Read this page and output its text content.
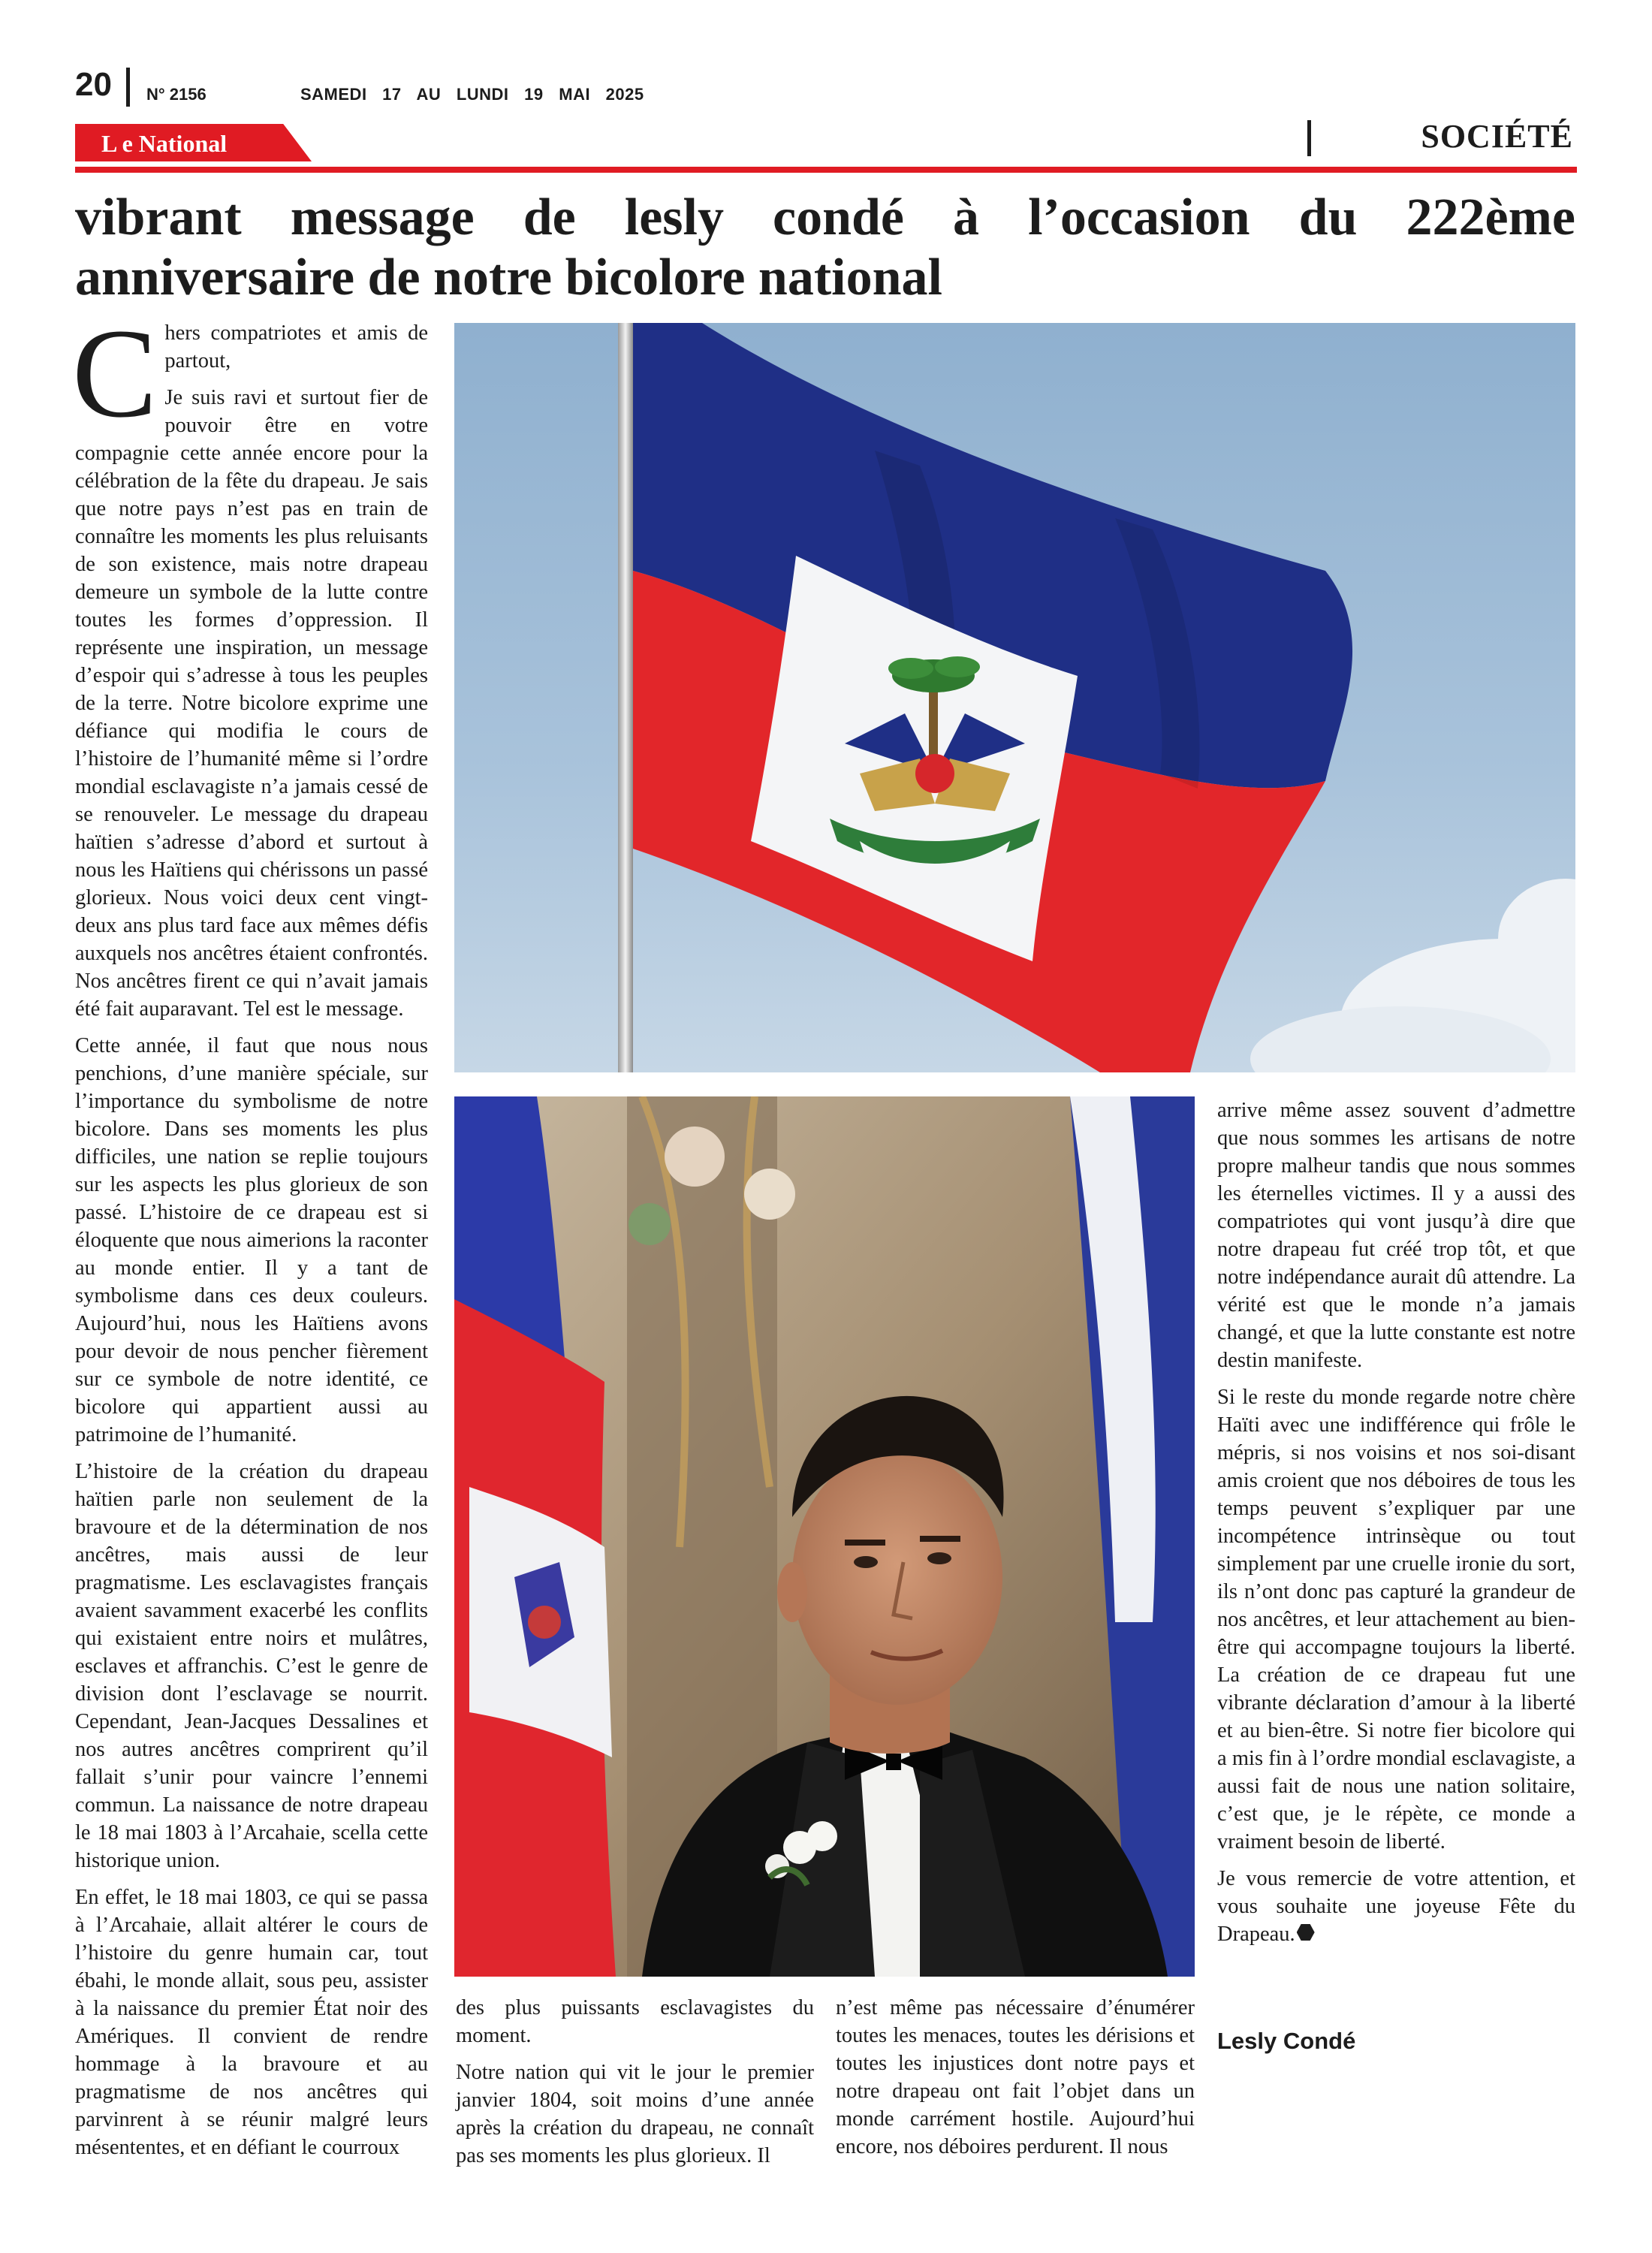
20 N° 2156	SAMEDI 17 AU LUNDI 19 MAI 2025
L e National	SOCIÉTÉ
vibrant message de lesly condé à l’occasion du 222ème anniversaire de notre bicolore national

Chers compatriotes et amis de partout,

Je suis ravi et surtout fier de pouvoir être en votre compagnie cette année encore pour la célébration de la fête du drapeau. Je sais que notre pays n’est pas en train de connaître les moments les plus reluisants de son existence, mais notre drapeau demeure un symbole de la lutte contre toutes les formes d’oppression. Il représente une inspiration, un message d’espoir qui s’adresse à tous les peuples de la terre. Notre bicolore exprime une défiance qui modifia le cours de l’histoire de l’humanité même si l’ordre mondial esclavagiste n’a jamais cessé de se renouveler. Le message du drapeau haïtien s’adresse d’abord et surtout à nous les Haïtiens qui chérissons un passé glorieux. Nous voici deux cent vingt-deux ans plus tard face aux mêmes défis auxquels nos ancêtres étaient confrontés. Nos ancêtres firent ce qui n’avait jamais été fait auparavant. Tel est le message.

Cette année, il faut que nous nous penchions, d’une manière spéciale, sur l’importance du symbolisme de notre bicolore. Dans ses moments les plus difficiles, une nation se replie toujours sur les aspects les plus glorieux de son passé. L’histoire de ce drapeau est si éloquente que nous aimerions la raconter au monde entier. Il y a tant de symbolisme dans ces deux couleurs. Aujourd’hui, nous les Haïtiens avons pour devoir de nous pencher fièrement sur ce symbole de notre identité, ce bicolore qui appartient aussi au patrimoine de l’humanité.

L’histoire de la création du drapeau haïtien parle non seulement de la bravoure et de la détermination de nos ancêtres, mais aussi de leur pragmatisme. Les esclavagistes français avaient savamment exacerbé les conflits qui existaient entre noirs et mulâtres, esclaves et affranchis. C’est le genre de division dont l’esclavage se nourrit. Cependant, Jean-Jacques Dessalines et nos autres ancêtres comprirent qu’il fallait s’unir pour vaincre l’ennemi commun. La naissance de notre drapeau le 18 mai 1803 à l’Arcahaie, scella cette historique union.

En effet, le 18 mai 1803, ce qui se passa à l’Arcahaie, allait altérer le cours de l’histoire du genre humain car, tout ébahi, le monde allait, sous peu, assister à la naissance du premier État noir des Amériques. Il convient de rendre hommage à la bravoure et au pragmatisme de nos ancêtres qui parvinrent à se réunir malgré leurs mésententes, et en défiant le courroux

des plus puissants esclavagistes du moment.

Notre nation qui vit le jour le premier janvier 1804, soit moins d’une année après la création du drapeau, ne connaît pas ses moments les plus glorieux. Il

n’est même pas nécessaire d’énumérer toutes les menaces, toutes les dérisions et toutes les injustices dont notre pays et notre drapeau ont fait l’objet dans un monde carrément hostile. Aujourd’hui encore, nos déboires perdurent. Il nous

arrive même assez souvent d’admettre que nous sommes les artisans de notre propre malheur tandis que nous sommes les éternelles victimes. Il y a aussi des compatriotes qui vont jusqu’à dire que notre drapeau fut créé trop tôt, et que notre indépendance aurait dû attendre. La vérité est que le monde n’a jamais changé, et que la lutte constante est notre destin manifeste.

Si le reste du monde regarde notre chère Haïti avec une indifférence qui frôle le mépris, si nos voisins et nos soi-disant amis croient que nos déboires de tous les temps peuvent s’expliquer par une incompétence intrinsèque ou tout simplement par une cruelle ironie du sort, ils n’ont donc pas capturé la grandeur de nos ancêtres, et leur attachement au bien-être qui accompagne toujours la liberté. La création de ce drapeau fut une vibrante déclaration d’amour à la liberté et au bien-être. Si notre fier bicolore qui a mis fin à l’ordre mondial esclavagiste, a aussi fait de nous une nation solitaire, c’est que, je le répète, ce monde a vraiment besoin de liberté.

Je vous remercie de votre attention, et vous souhaite une joyeuse Fête du Drapeau.

Lesly Condé
